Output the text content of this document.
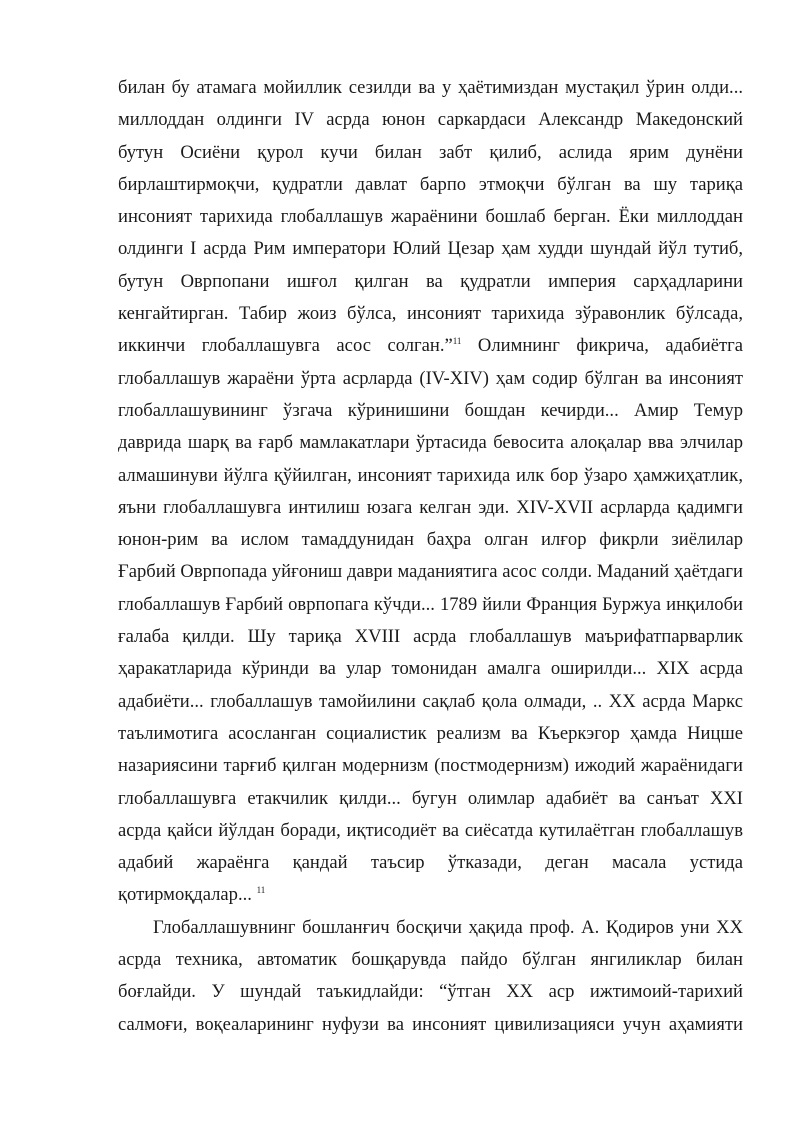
билан бу атамага мойиллик сезилди ва у ҳаётимиздан мустақил ўрин олди...
миллоддан олдинги IV асрда юнон саркардаси Александр Македонский
бутун Осиёни қурол кучи билан забт қилиб, аслида ярим дунёни
бирлаштирмоқчи, қудратли давлат барпо этмоқчи бўлган ва шу тариқа
инсоният тарихида глобаллашув жараёнини бошлаб берган. Ёки миллоддан
олдинги I асрда Рим императори Юлий Цезар ҳам худди шундай йўл тутиб,
бутун Оврпопани ишғол қилган ва қудратли империя сарҳадларини
кенгайтирган. Табир жоиз бўлса, инсоният тарихида зўравонлик бўлсада,
иккинчи глобаллашувга асос солган.”$^{11}$ Олимнинг фикрича, адабиётга
глобаллашув жараёни ўрта асрларда (IV-XIV) ҳам содир бўлган ва инсоният
глобаллашувининг ўзгача кўринишини бошдан кечирди... Амир Темур
даврида шарқ ва ғарб мамлакатлари ўртасида бевосита алоқалар вва элчилар
алмашинуви йўлга қўйилган, инсоният тарихида илк бор ўзаро ҳамжиҳатлик,
яъни глобаллашувга интилиш юзага келган эди. XIV-XVII асрларда қадимги
юнон-рим ва ислом тамаддунидан баҳра олган илғор фикрли зиёлилар
Ғарбий Оврпопада уйғониш даври маданиятига асос солди. Маданий ҳаётдаги
глобаллашув Ғарбий оврпопага кўчди... 1789 йили Франция Буржуа инқилоби
ғалаба қилди. Шу тариқа XVIII асрда глобаллашув маърифатпарварлик
ҳаракатларида кўринди ва улар томонидан амалга оширилди... XIX асрда
адабиёти... глобаллашув тамойилини сақлаб қола олмади, .. XX асрда Маркс
таълимотига асосланган социалистик реализм ва Къеркэгор ҳамда Ницше
назариясини тарғиб қилган модернизм (постмодернизм) ижодий жараёнидаги
глобаллашувга етакчилик қилди... бугун олимлар адабиёт ва санъат XXI
асрда қайси йўлдан боради, иқтисодиёт ва сиёсатда кутилаётган глобаллашув
адабий жараёнга қандай таъсир ўтказади, деган масала устида
қотирмоқдалар... $^{11}$
Глобаллашувнинг бошланғич босқичи ҳақида проф. А. Қодиров уни XX
асрда техника, автоматик бошқарувда пайдо бўлган янгиликлар билан
боғлайди. У шундай таъкидлайди: “ўтган XX аср ижтимоий-тарихий
салмоғи, воқеаларининг нуфузи ва инсоният цивилизацияси учун аҳамияти
